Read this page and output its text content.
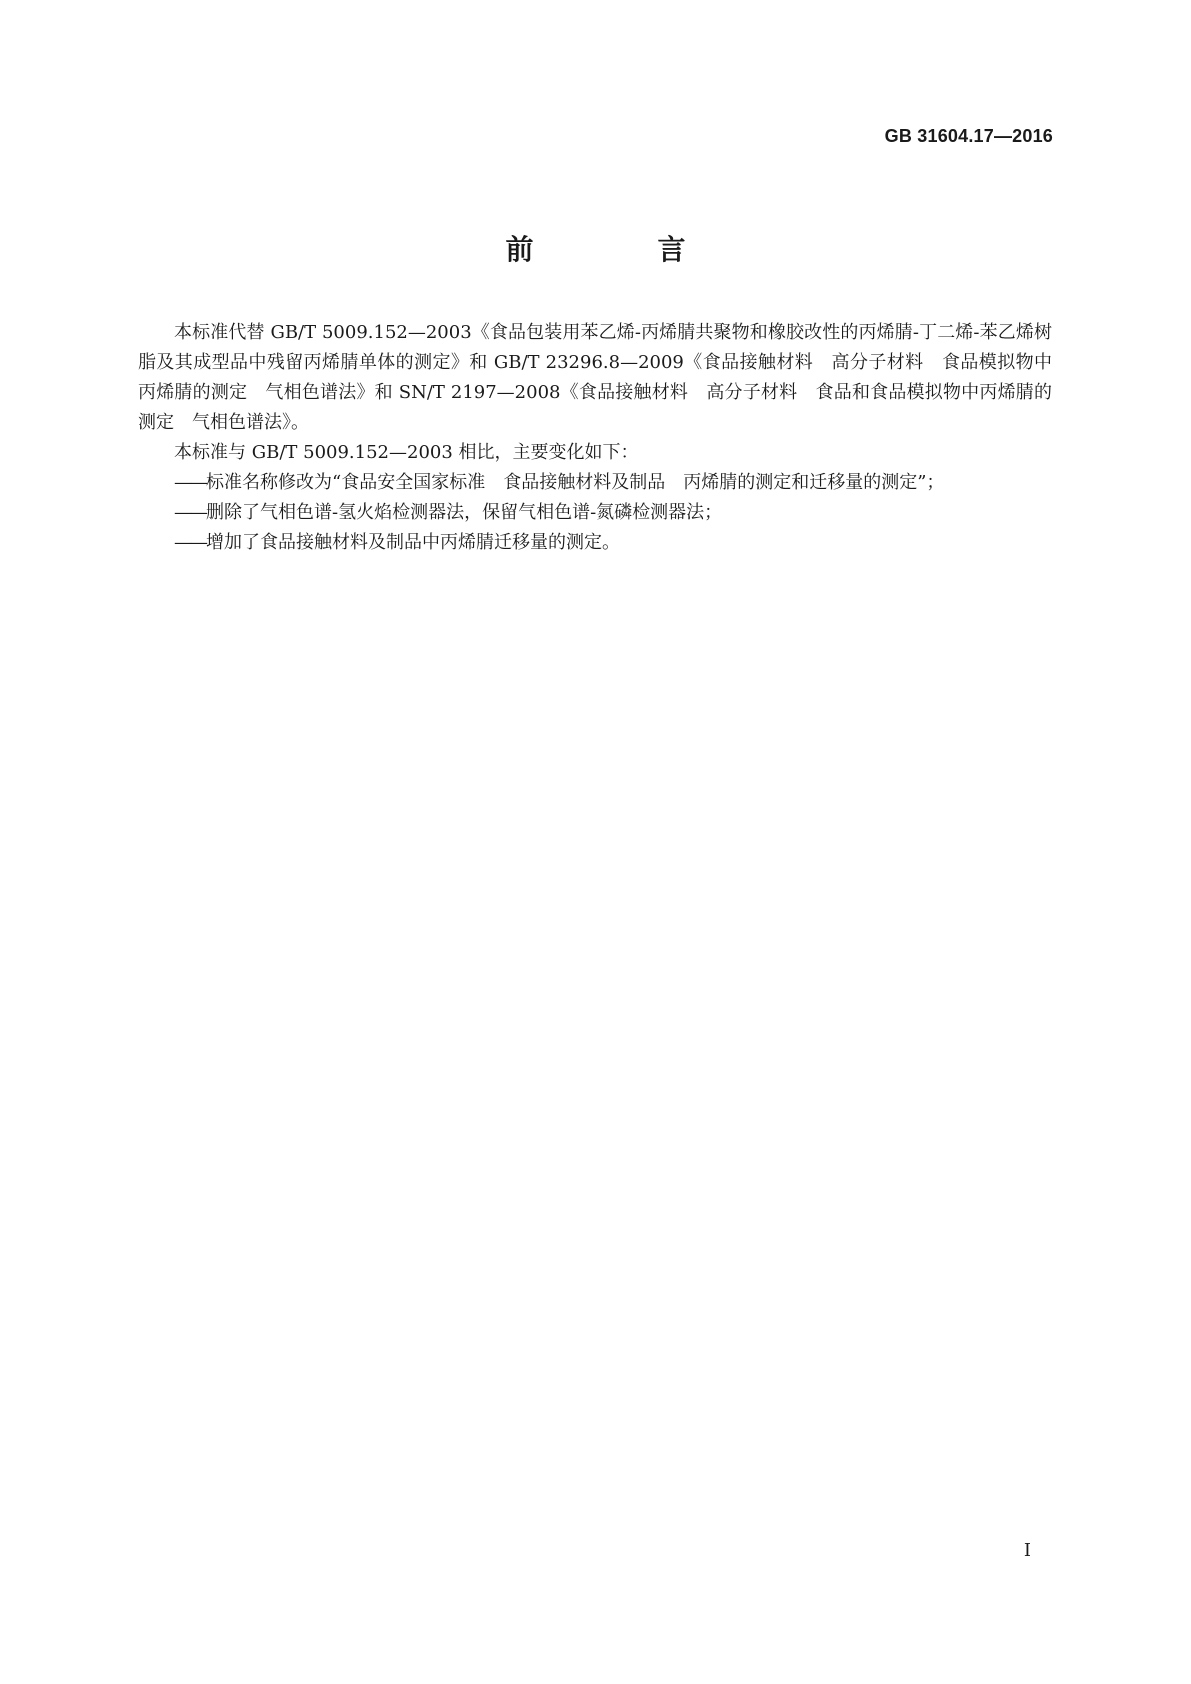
GB 31604.17—2016
前　言

本标准代替 GB/T 5009.152—2003《食品包装用苯乙烯-丙烯腈共聚物和橡胶改性的丙烯腈-丁二烯-苯乙烯树脂及其成型品中残留丙烯腈单体的测定》和 GB/T 23296.8—2009《食品接触材料　高分子材料　食品模拟物中丙烯腈的测定　气相色谱法》和 SN/T 2197—2008《食品接触材料　高分子材料　食品和食品模拟物中丙烯腈的测定　气相色谱法》。

本标准与 GB/T 5009.152—2003 相比，主要变化如下：

——标准名称修改为“食品安全国家标准　食品接触材料及制品　丙烯腈的测定和迁移量的测定”；

——删除了气相色谱-氢火焰检测器法，保留气相色谱-氮磷检测器法；

——增加了食品接触材料及制品中丙烯腈迁移量的测定。

I
